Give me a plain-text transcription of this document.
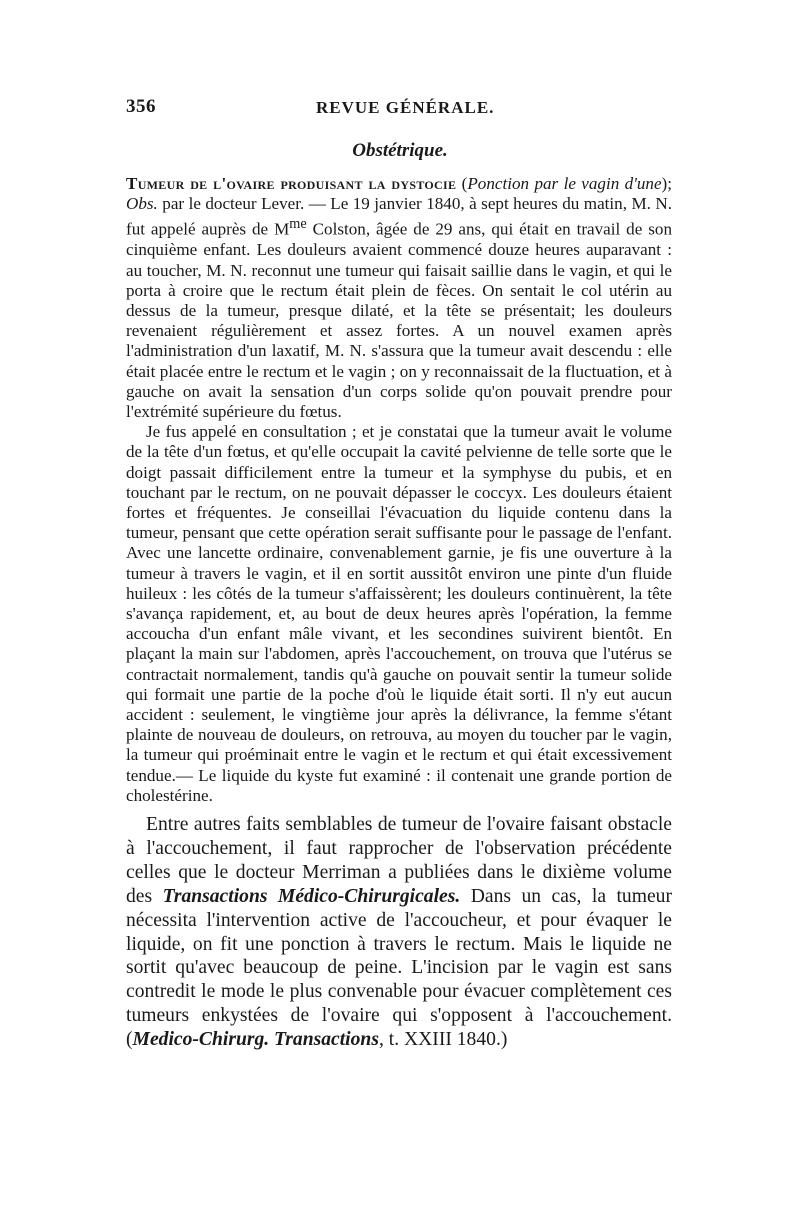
356	REVUE GÉNÉRALE.
Obstétrique.

Tumeur de l'ovaire produisant la dystocie (Ponction par le vagin d'une); Obs. par le docteur Lever. — Le 19 janvier 1840, à sept heures du matin, M. N. fut appelé auprès de $M^{me}$ Colston, âgée de 29 ans, qui était en travail de son cinquième enfant. Les douleurs avaient commencé douze heures auparavant : au toucher, M. N. reconnut une tumeur qui faisait saillie dans le vagin, et qui le porta à croire que le rectum était plein de fèces. On sentait le col utérin au dessus de la tumeur, presque dilaté, et la tête se présentait; les douleurs revenaient régulièrement et assez fortes. A un nouvel examen après l'administration d'un laxatif, M. N. s'assura que la tumeur avait descendu : elle était placée entre le rectum et le vagin ; on y reconnaissait de la fluctuation, et à gauche on avait la sensation d'un corps solide qu'on pouvait prendre pour l'extrémité supérieure du fœtus.

Je fus appelé en consultation ; et je constatai que la tumeur avait le volume de la tête d'un fœtus, et qu'elle occupait la cavité pelvienne de telle sorte que le doigt passait difficilement entre la tumeur et la symphyse du pubis, et en touchant par le rectum, on ne pouvait dépasser le coccyx. Les douleurs étaient fortes et fréquentes. Je conseillai l'évacuation du liquide contenu dans la tumeur, pensant que cette opération serait suffisante pour le passage de l'enfant. Avec une lancette ordinaire, convenablement garnie, je fis une ouverture à la tumeur à travers le vagin, et il en sortit aussitôt environ une pinte d'un fluide huileux : les côtés de la tumeur s'affaissèrent; les douleurs continuèrent, la tête s'avança rapidement, et, au bout de deux heures après l'opération, la femme accoucha d'un enfant mâle vivant, et les secondines suivirent bientôt. En plaçant la main sur l'abdomen, après l'accouchement, on trouva que l'utérus se contractait normalement, tandis qu'à gauche on pouvait sentir la tumeur solide qui formait une partie de la poche d'où le liquide était sorti. Il n'y eut aucun accident : seulement, le vingtième jour après la délivrance, la femme s'étant plainte de nouveau de douleurs, on retrouva, au moyen du toucher par le vagin, la tumeur qui proéminait entre le vagin et le rectum et qui était excessivement tendue.— Le liquide du kyste fut examiné : il contenait une grande portion de cholestérine.

Entre autres faits semblables de tumeur de l'ovaire faisant obstacle à l'accouchement, il faut rapprocher de l'observation précédente celles que le docteur Merriman a publiées dans le dixième volume des Transactions Médico-Chirurgicales. Dans un cas, la tumeur nécessita l'intervention active de l'accoucheur, et pour évaquer le liquide, on fit une ponction à travers le rectum. Mais le liquide ne sortit qu'avec beaucoup de peine. L'incision par le vagin est sans contredit le mode le plus convenable pour évacuer complètement ces tumeurs enkystées de l'ovaire qui s'opposent à l'accouchement. (Medico-Chirurg. Transactions, t. XXIII 1840.)
